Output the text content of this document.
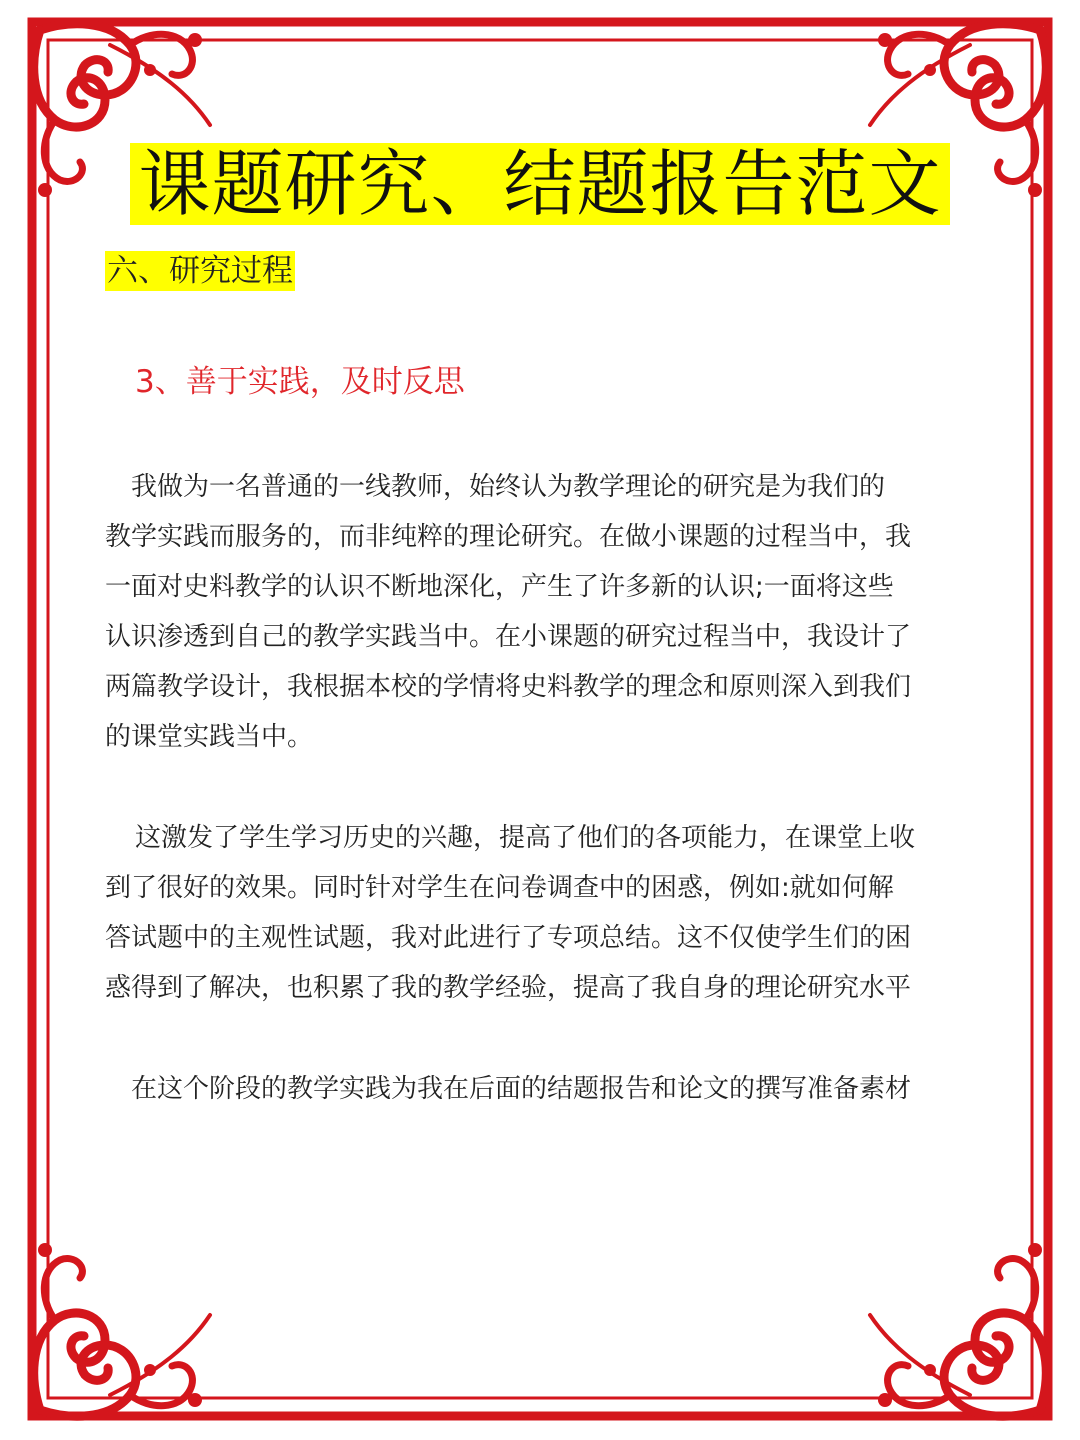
课题研究、结题报告范文
六、研究过程
3、善于实践，及时反思
　我做为一名普通的一线教师，始终认为教学理论的研究是为我们的
教学实践而服务的，而非纯粹的理论研究。在做小课题的过程当中，我
一面对史料教学的认识不断地深化，产生了许多新的认识;一面将这些
认识渗透到自己的教学实践当中。在小课题的研究过程当中，我设计了
两篇教学设计，我根据本校的学情将史料教学的理念和原则深入到我们
的课堂实践当中。
这激发了学生学习历史的兴趣，提高了他们的各项能力，在课堂上收
到了很好的效果。同时针对学生在问卷调查中的困惑，例如:就如何解
答试题中的主观性试题，我对此进行了专项总结。这不仅使学生们的困
惑得到了解决，也积累了我的教学经验，提高了我自身的理论研究水平
在这个阶段的教学实践为我在后面的结题报告和论文的撰写准备素材
